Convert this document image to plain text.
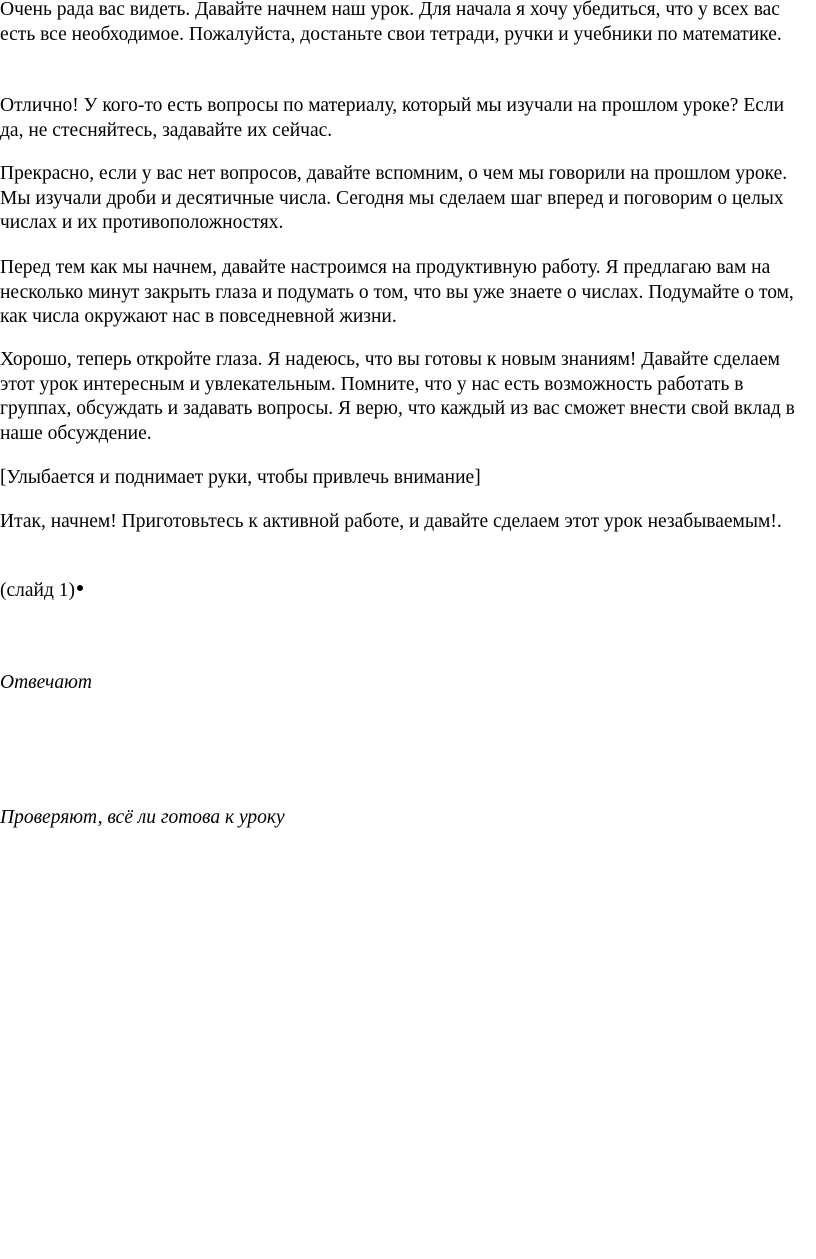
Очень рада вас видеть. Давайте начнем наш урок. Для начала я хочу убедиться, что у всех вас есть все необходимое. Пожалуйста, достаньте свои тетради, ручки и учебники по математике.

Отлично! У кого-то есть вопросы по материалу, который мы изучали на прошлом уроке? Если да, не стесняйтесь, задавайте их сейчас.

Прекрасно, если у вас нет вопросов, давайте вспомним, о чем мы говорили на прошлом уроке. Мы изучали дроби и десятичные числа. Сегодня мы сделаем шаг вперед и поговорим о целых числах и их противоположностях.

Перед тем как мы начнем, давайте настроимся на продуктивную работу. Я предлагаю вам на несколько минут закрыть глаза и подумать о том, что вы уже знаете о числах. Подумайте о том, как числа окружают нас в повседневной жизни.

Хорошо, теперь откройте глаза. Я надеюсь, что вы готовы к новым знаниям! Давайте сделаем этот урок интересным и увлекательным. Помните, что у нас есть возможность работать в группах, обсуждать и задавать вопросы. Я верю, что каждый из вас сможет внести свой вклад в наше обсуждение.

[Улыбается и поднимает руки, чтобы привлечь внимание]

Итак, начнем! Приготовьтесь к активной работе, и давайте сделаем этот урок незабываемым!.

(слайд 1)

Отвечают

Проверяют, всё ли готова к уроку
